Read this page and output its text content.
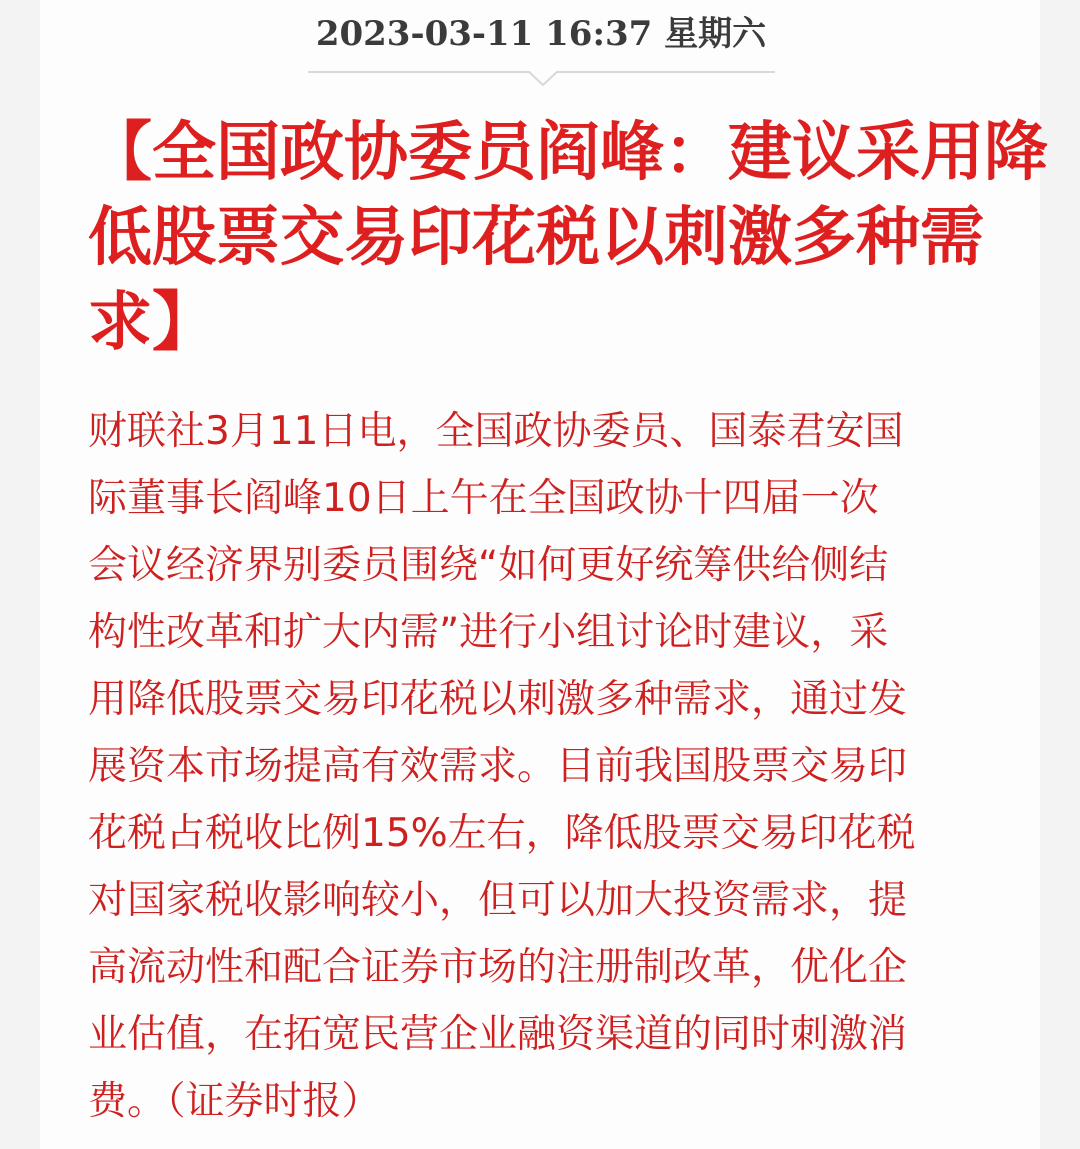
2023-03-11 16:37 星期六
【全国政协委员阎峰：建议采用降
低股票交易印花税以刺激多种需
求】
财联社3月11日电，全国政协委员、国泰君安国
际董事长阎峰10日上午在全国政协十四届一次
会议经济界别委员围绕“如何更好统筹供给侧结
构性改革和扩大内需”进行小组讨论时建议，采
用降低股票交易印花税以刺激多种需求，通过发
展资本市场提高有效需求。目前我国股票交易印
花税占税收比例15%左右，降低股票交易印花税
对国家税收影响较小，但可以加大投资需求，提
高流动性和配合证券市场的注册制改革，优化企
业估值，在拓宽民营企业融资渠道的同时刺激消
费。（证券时报）
